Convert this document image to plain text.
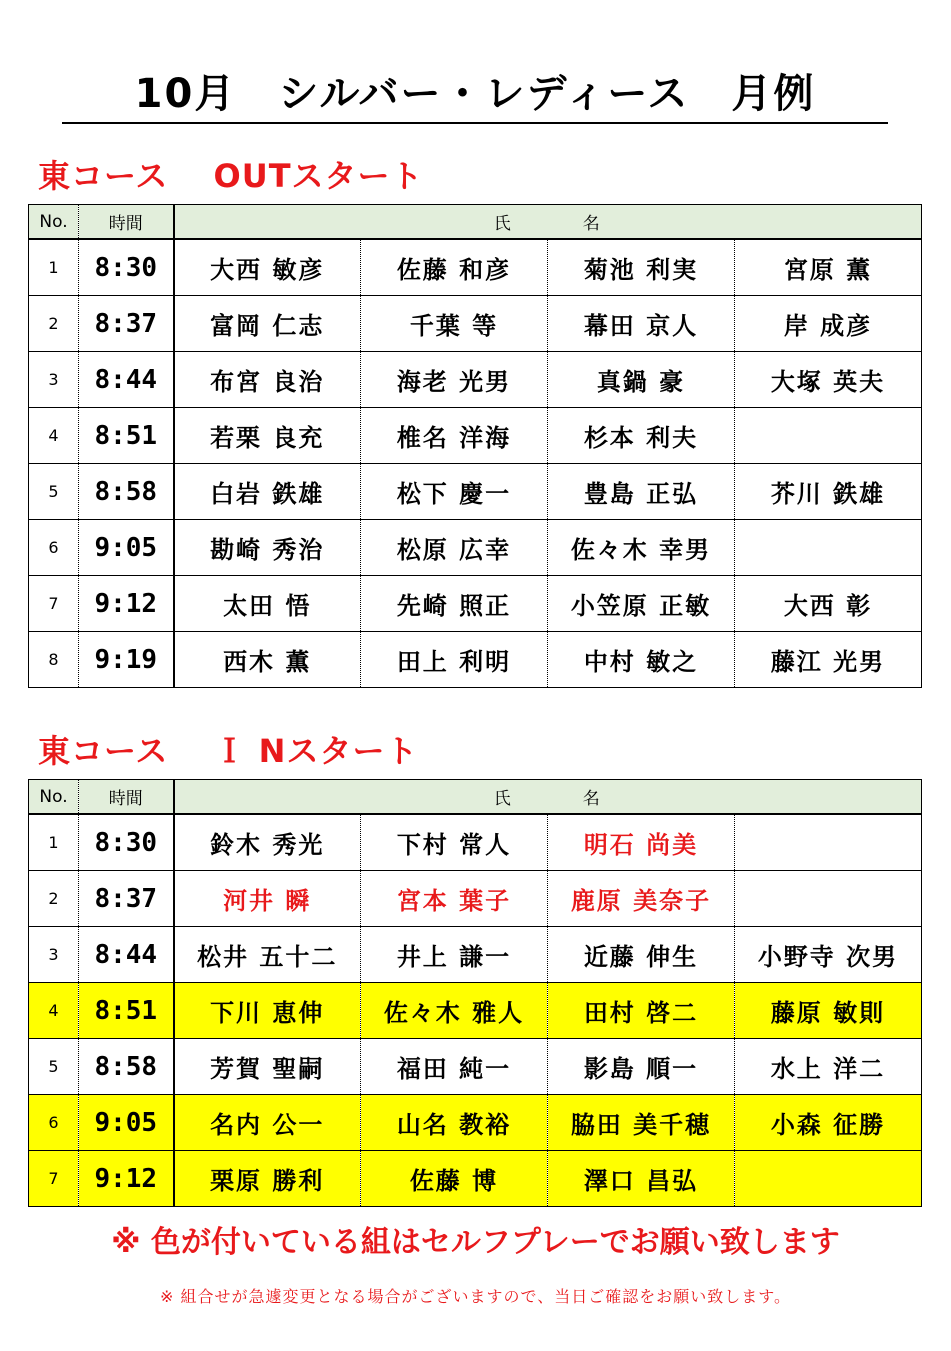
10月　シルバー・レディース　月例
東コース　 OUTスタート
No.	時間	氏 名			
1	8:30	大西 敏彦	佐藤 和彦	菊池 利実	宮原 薫
2	8:37	富岡 仁志	千葉 等	幕田 京人	岸 成彦
3	8:44	布宮 良治	海老 光男	真鍋 豪	大塚 英夫
4	8:51	若栗 良充	椎名 洋海	杉本 利夫	
5	8:58	白岩 鉄雄	松下 慶一	豊島 正弘	芥川 鉄雄
6	9:05	勘崎 秀治	松原 広幸	佐々木 幸男	
7	9:12	太田 悟	先崎 照正	小笠原 正敏	大西 彰
8	9:19	西木 薫	田上 利明	中村 敏之	藤江 光男
東コース　 Ｉ Nスタート
No.	時間	氏 名			
1	8:30	鈴木 秀光	下村 常人	明石 尚美	
2	8:37	河井 瞬	宮本 葉子	鹿原 美奈子	
3	8:44	松井 五十二	井上 謙一	近藤 伸生	小野寺 次男
4	8:51	下川 恵伸	佐々木 雅人	田村 啓二	藤原 敏則
5	8:58	芳賀 聖嗣	福田 純一	影島 順一	水上 洋二
6	9:05	名内 公一	山名 教裕	脇田 美千穂	小森 征勝
7	9:12	栗原 勝利	佐藤 博	澤口 昌弘	
※ 色が付いている組はセルフプレーでお願い致します
※ 組合せが急遽変更となる場合がございますので、当日ご確認をお願い致します。
